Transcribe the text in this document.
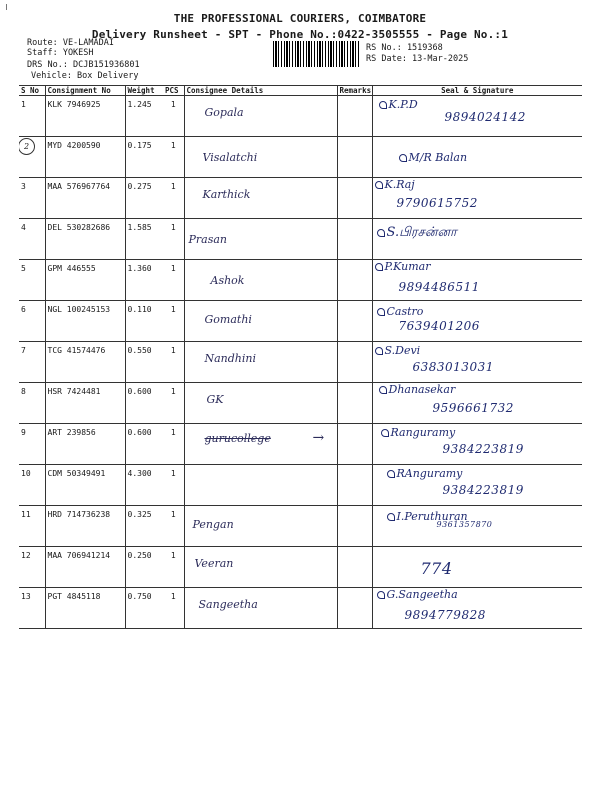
THE PROFESSIONAL COURIERS, COIMBATORE
Delivery Runsheet - SPT - Phone No.:0422-3505555 - Page No.:1
Route: VE-LAMADAI
Staff: YOKESH
DRS No.: DCJB151936801
Vehicle: Box Delivery
RS No.: 1519368
RS Date: 13-Mar-2025
S No	Consignment No	Weight	PCS	Consignee Details	Remarks	Seal & Signature
1	KLK 7946925	1.245	1	Gopala		K.P.D
9894024142

2	MYD 4200590	0.175	1	Visalatchi		M/R Balan

3	MAA 576967764	0.275	1	Karthick		K.Raj
9790615752

4	DEL 530282686	1.585	1	Prasan		S.பிரசன்னா

5	GPM 446555	1.360	1	Ashok		P.Kumar
9894486511

6	NGL 100245153	0.110	1	Gomathi		Castro
7639401206

7	TCG 41574476	0.550	1	Nandhini		S.Devi
6383013031

8	HSR 7424481	0.600	1	GK		Dhanasekar
9596661732

9	ART 239856	0.600	1	gurucollege →		Ranguramy
9384223819

10	CDM 50349491	4.300	1			RAnguramy
9384223819

11	HRD 714736238	0.325	1	Pengan		I.Peruthuran
9361357870

12	MAA 706941214	0.250	1	Veeran		774

13	PGT 4845118	0.750	1	Sangeetha		G.Sangeetha
9894779828
